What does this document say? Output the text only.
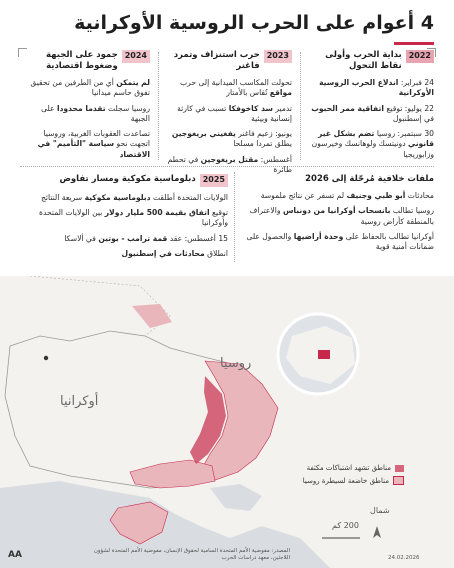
4 أعوام على الحرب الروسية الأوكرانية
2022
بداية الحرب وأولى نقاط التحول
24 فبراير: اندلاع الحرب الروسية الأوكرانية
22 يوليو: توقيع اتفاقية ممر الحبوب في إسطنبول
30 سبتمبر: روسيا تضم بشكل غير قانوني دونيتسك ولوهانسك وخيرسون وزابوريجيا
2023
حرب استنزاف وتمرد فاغنر
تحولت المكاسب الميدانية إلى حرب مواقع تُقاس بالأمتار
تدمير سد كاخوفكا تسبب في كارثة إنسانية وبيئية
يونيو: زعيم فاغنر يفغيني بريغوجين يطلق تمردا مسلحا
أغسطس: مقتل بريغوجين في تحطم طائرة
2024
جمود على الجبهة وضغوط اقتصادية
لم يتمكن أي من الطرفين من تحقيق تفوق حاسم ميدانيا
روسيا سجلت تقدما محدودا على الجبهة
تصاعدت العقوبات الغربية، وروسيا اتجهت نحو سياسة "التأميم" في الاقتصاد
ملفات خلافية مُرحّلة إلى 2026
محادثات أبو ظبي وجنيف لم تسفر عن نتائج ملموسة
روسيا تطالب بانسحاب أوكرانيا من دونباس والاعتراف بالمنطقة كأراض روسية
أوكرانيا تطالب بالحفاظ على وحدة أراضيها والحصول على ضمانات أمنية قوية
2025
دبلوماسية مكوكية ومسار تفاوض
الولايات المتحدة أطلقت دبلوماسية مكوكية سريعة النتائج
توقيع اتفاق بقيمة 500 مليار دولار بين الولايات المتحدة وأوكرانيا
15 أغسطس: عقد قمة ترامب - بوتين في ألاسكا
انطلاق محادثات في إسطنبول
روسيا
أوكرانيا
شمال
200 كم
مناطق تشهد اشتباكات مكثفة
مناطق خاضعة لسيطرة روسيا
المصدر: مفوضية الأمم المتحدة السامية لحقوق الإنسان، مفوضية الأمم المتحدة لشؤون اللاجئين، معهد دراسات الحرب	24.02.2026
AA
